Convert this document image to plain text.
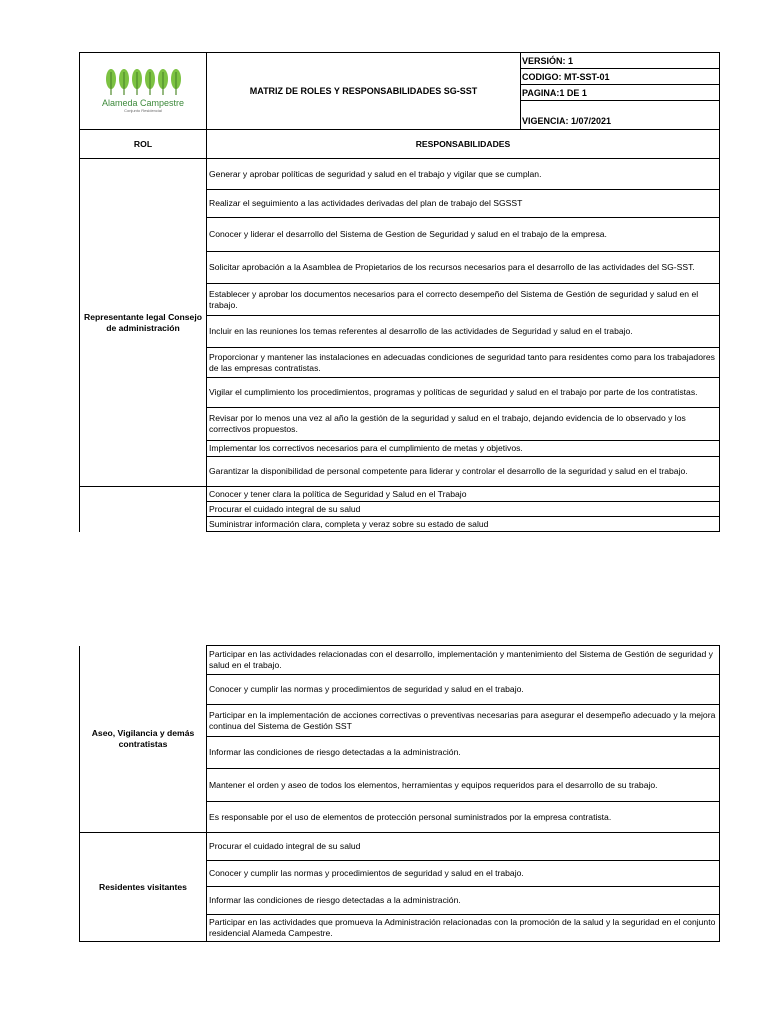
Alameda Campestre
Conjunto Residencial
	MATRIZ DE ROLES Y RESPONSABILIDADES SG-SST	VERSIÓN: 1
CODIGO: MT-SST-01
PAGINA:1 DE 1
VIGENCIA: 1/07/2021
ROL	RESPONSABILIDADES
Representante legal Consejo de administración	Generar y aprobar políticas de seguridad y salud en el trabajo y vigilar que se cumplan.
	Realizar el seguimiento a las actividades derivadas del plan de trabajo del SGSST
	Conocer y liderar el desarrollo del Sistema de Gestion de Seguridad y salud en el trabajo de la empresa.
	Solicitar aprobación a la Asamblea de Propietarios de los recursos necesarios para el desarrollo de las actividades del SG-SST.
	Establecer y aprobar los documentos necesarios para el correcto desempeño del Sistema de Gestión de seguridad y salud en el trabajo.
	Incluir en las reuniones los temas referentes al desarrollo de las actividades de Seguridad y salud en el trabajo.
	Proporcionar y mantener las instalaciones en adecuadas condiciones de seguridad tanto para residentes como para los trabajadores de las empresas contratistas.
	Vigilar el cumplimiento los procedimientos, programas y políticas de seguridad y salud en el trabajo por parte de los contratistas.
	Revisar por lo menos una vez al año la gestión de la seguridad y salud en el trabajo, dejando evidencia de lo observado y los correctivos propuestos.
	Implementar los correctivos necesarios para el cumplimiento de metas y objetivos.
	Garantizar la disponibilidad de personal competente para liderar y controlar el desarrollo de la seguridad y salud en el trabajo.
	Conocer y tener clara la política de Seguridad y Salud en el Trabajo
	Procurar el cuidado integral de su salud
	Suministrar información clara, completa y veraz sobre su estado de salud
Aseo, Vigilancia y demás contratistas	Participar en las actividades relacionadas con el desarrollo, implementación y mantenimiento del Sistema de Gestión de seguridad y salud en el trabajo.
	Conocer y cumplir las normas y procedimientos de seguridad y salud en el trabajo.
	Participar en la implementación de acciones correctivas o preventivas necesarias para asegurar el desempeño adecuado y la mejora continua del Sistema de Gestión SST
	Informar las condiciones de riesgo detectadas a la administración.
	Mantener el orden y aseo de todos los elementos, herramientas y equipos requeridos para el desarrollo de su trabajo.
	Es responsable por el uso de elementos de protección personal suministrados por la empresa contratista.
Residentes visitantes	Procurar el cuidado integral de su salud
	Conocer y cumplir las normas y procedimientos de seguridad y salud en el trabajo.
	Informar las condiciones de riesgo detectadas a la administración.
	Participar en las actividades que promueva la Administración relacionadas con la promoción de la salud y la seguridad en el conjunto residencial Alameda Campestre.
